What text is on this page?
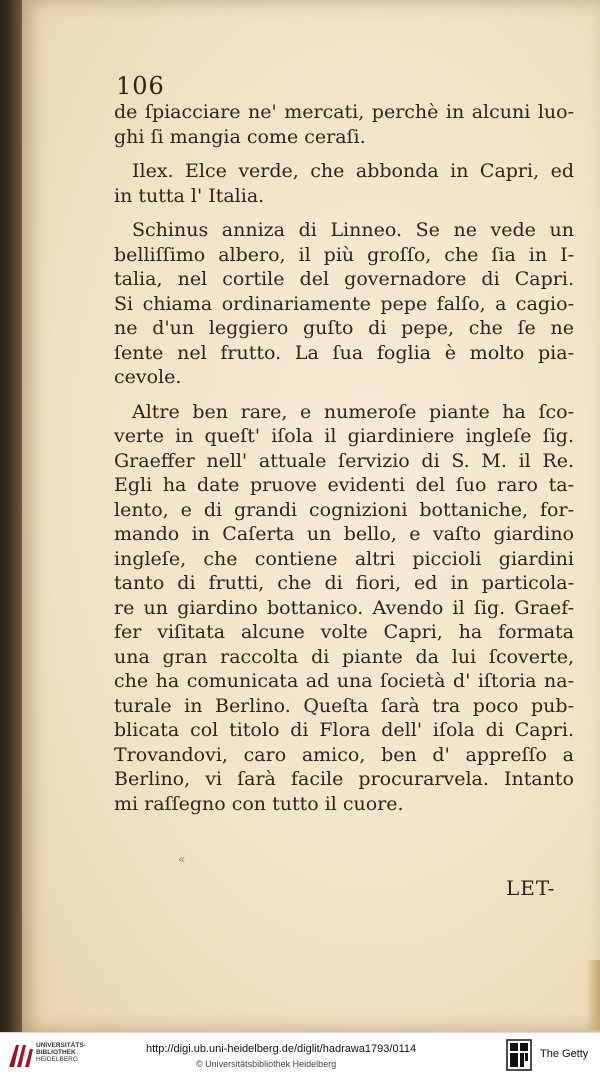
106
de ſpiacciare ne' mercati, perchè in alcuni luo-
ghi ſi mangia come ceraſi.
Ilex. Elce verde, che abbonda in Capri, ed
in tutta l' Italia.
Schinus anniza di Linneo. Se ne vede un
belliſſimo albero, il più groſſo, che ſia in I-
talia, nel cortile del governadore di Capri.
Si chiama ordinariamente pepe falſo, a cagio-
ne d'un leggiero guſto di pepe, che ſe ne
ſente nel frutto. La ſua foglia è molto pia-
cevole.
Altre ben rare, e numeroſe piante ha ſco-
verte in queſt' iſola il giardiniere ingleſe ſig.
Graeffer nell' attuale ſervizio di S. M. il Re.
Egli ha date pruove evidenti del ſuo raro ta-
lento, e di grandi cognizioni bottaniche, for-
mando in Caſerta un bello, e vaſto giardino
ingleſe, che contiene altri piccioli giardini
tanto di frutti, che di fiori, ed in particola-
re un giardino bottanico. Avendo il ſig. Graef-
fer viſitata alcune volte Capri, ha formata
una gran raccolta di piante da lui ſcoverte,
che ha comunicata ad una ſocietà d' iſtoria na-
turale in Berlino. Queſta ſarà tra poco pub-
blicata col titolo di Flora dell' iſola di Capri.
Trovandovi, caro amico, ben d' appreſſo a
Berlino, vi ſarà facile procurarvela. Intanto
mi raſſegno con tutto il cuore.
«
LET-
UNIVERSITÄTS-
BIBLIOTHEK
HEIDELBERG
http://digi.ub.uni-heidelberg.de/diglit/hadrawa1793/0114
© Universitätsbibliothek Heidelberg
The Getty
